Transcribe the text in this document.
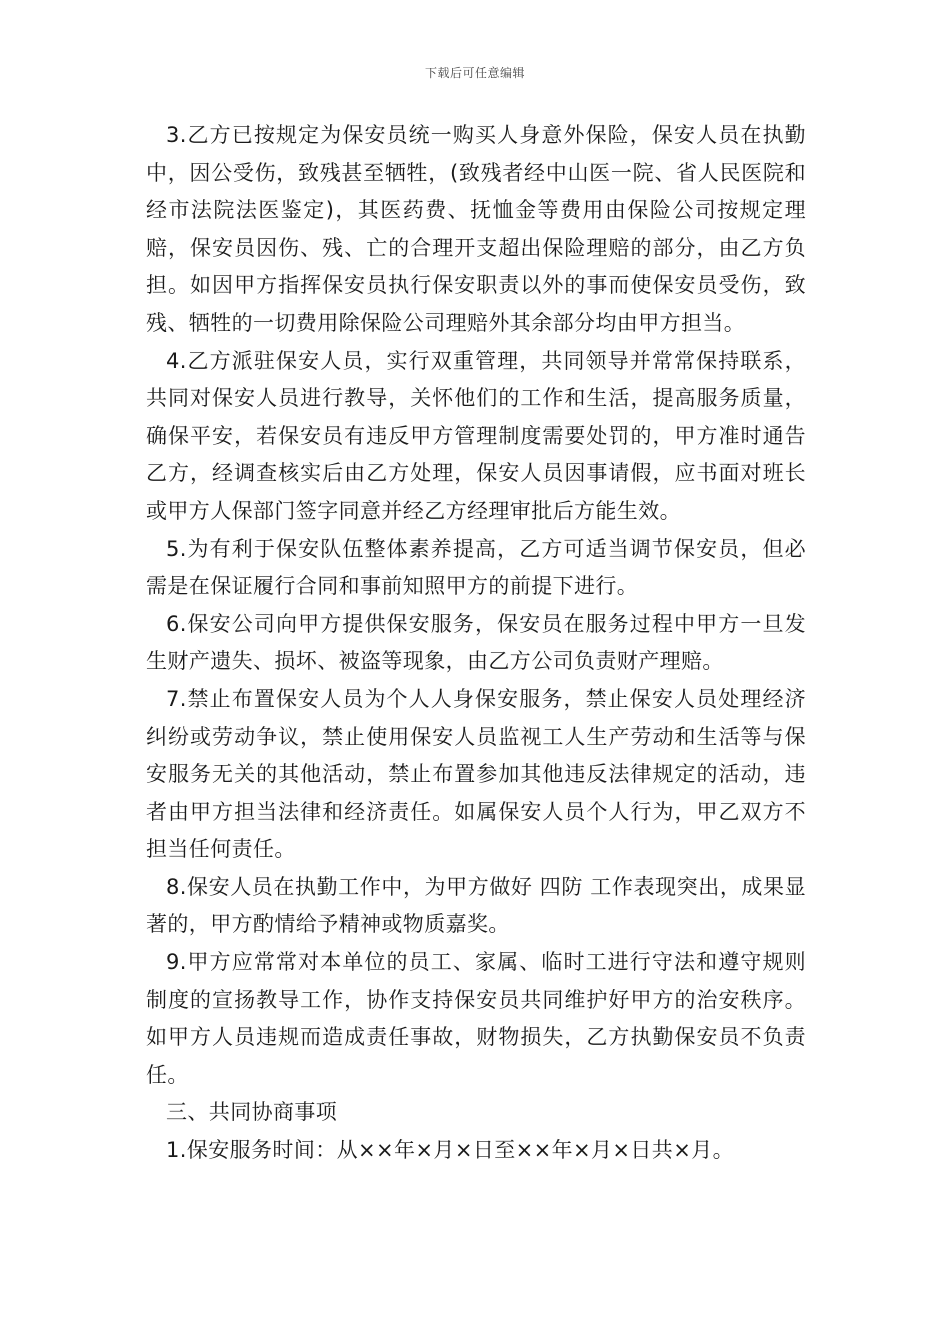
下载后可任意编辑

3.乙方已按规定为保安员统一购买人身意外保险，保安人员在执勤中，因公受伤，致残甚至牺牲，(致残者经中山医一院、省人民医院和经市法院法医鉴定)，其医药费、抚恤金等费用由保险公司按规定理赔，保安员因伤、残、亡的合理开支超出保险理赔的部分，由乙方负担。如因甲方指挥保安员执行保安职责以外的事而使保安员受伤，致残、牺牲的一切费用除保险公司理赔外其余部分均由甲方担当。

4.乙方派驻保安人员，实行双重管理，共同领导并常常保持联系，共同对保安人员进行教导，关怀他们的工作和生活，提高服务质量，确保平安，若保安员有违反甲方管理制度需要处罚的，甲方准时通告乙方，经调查核实后由乙方处理，保安人员因事请假，应书面对班长或甲方人保部门签字同意并经乙方经理审批后方能生效。

5.为有利于保安队伍整体素养提高，乙方可适当调节保安员，但必需是在保证履行合同和事前知照甲方的前提下进行。

6.保安公司向甲方提供保安服务，保安员在服务过程中甲方一旦发生财产遗失、损坏、被盗等现象，由乙方公司负责财产理赔。

7.禁止布置保安人员为个人人身保安服务，禁止保安人员处理经济纠纷或劳动争议，禁止使用保安人员监视工人生产劳动和生活等与保安服务无关的其他活动，禁止布置参加其他违反法律规定的活动，违者由甲方担当法律和经济责任。如属保安人员个人行为，甲乙双方不担当任何责任。

8.保安人员在执勤工作中，为甲方做好 四防 工作表现突出，成果显著的，甲方酌情给予精神或物质嘉奖。

9.甲方应常常对本单位的员工、家属、临时工进行守法和遵守规则制度的宣扬教导工作，协作支持保安员共同维护好甲方的治安秩序。如甲方人员违规而造成责任事故，财物损失，乙方执勤保安员不负责任。

三、共同协商事项

1.保安服务时间：从××年×月×日至××年×月×日共×月。
